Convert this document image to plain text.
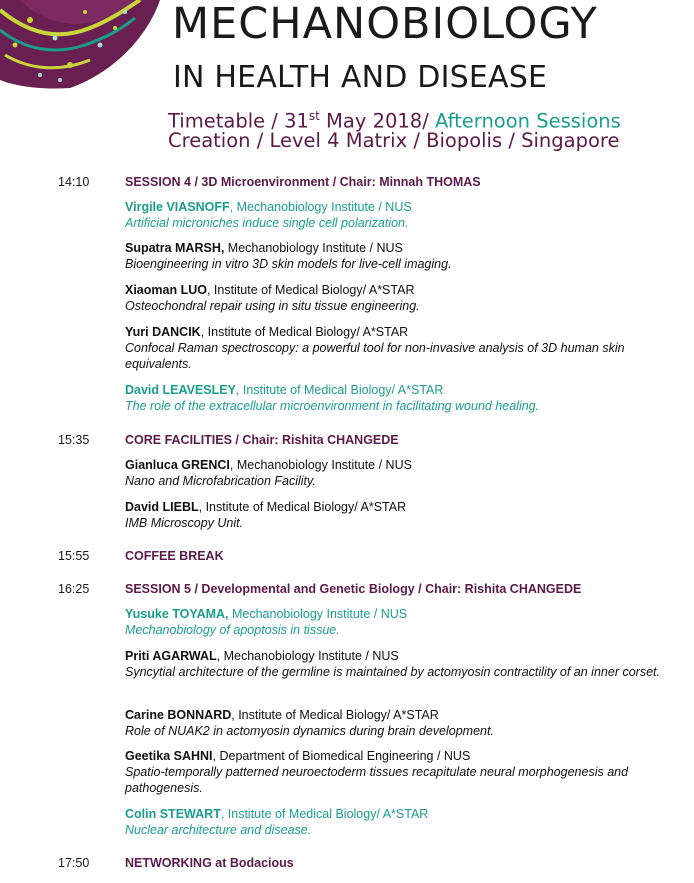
MECHANOBIOLOGY
IN HEALTH AND DISEASE
Timetable / 31st May 2018/ Afternoon Sessions
Creation / Level 4 Matrix / Biopolis / Singapore
14:10	SESSION 4 / 3D Microenvironment / Chair: Minnah THOMAS
Virgile VIASNOFF, Mechanobiology Institute / NUS
Artificial microniches induce single cell polarization.
Supatra MARSH, Mechanobiology Institute / NUS
Bioengineering in vitro 3D skin models for live-cell imaging.
Xiaoman LUO, Institute of Medical Biology/ A*STAR
Osteochondral repair using in situ tissue engineering.
Yuri DANCIK, Institute of Medical Biology/ A*STAR
Confocal Raman spectroscopy: a powerful tool for non-invasive analysis of 3D human skin equivalents.
David LEAVESLEY, Institute of Medical Biology/ A*STAR
The role of the extracellular microenvironment in facilitating wound healing.
15:35	CORE FACILITIES / Chair: Rishita CHANGEDE
Gianluca GRENCI, Mechanobiology Institute / NUS
Nano and Microfabrication Facility.
David LIEBL, Institute of Medical Biology/ A*STAR
IMB Microscopy Unit.
15:55	COFFEE BREAK
16:25	SESSION 5 / Developmental and Genetic Biology / Chair: Rishita CHANGEDE
Yusuke TOYAMA, Mechanobiology Institute / NUS
Mechanobiology of apoptosis in tissue.
Priti AGARWAL, Mechanobiology Institute / NUS
Syncytial architecture of the germline is maintained by actomyosin contractility of an inner corset.
Carine BONNARD, Institute of Medical Biology/ A*STAR
Role of NUAK2 in actomyosin dynamics during brain development.
Geetika SAHNI, Department of Biomedical Engineering / NUS
Spatio-temporally patterned neuroectoderm tissues recapitulate neural morphogenesis and pathogenesis.
Colin STEWART, Institute of Medical Biology/ A*STAR
Nuclear architecture and disease.
17:50	NETWORKING at Bodacious
